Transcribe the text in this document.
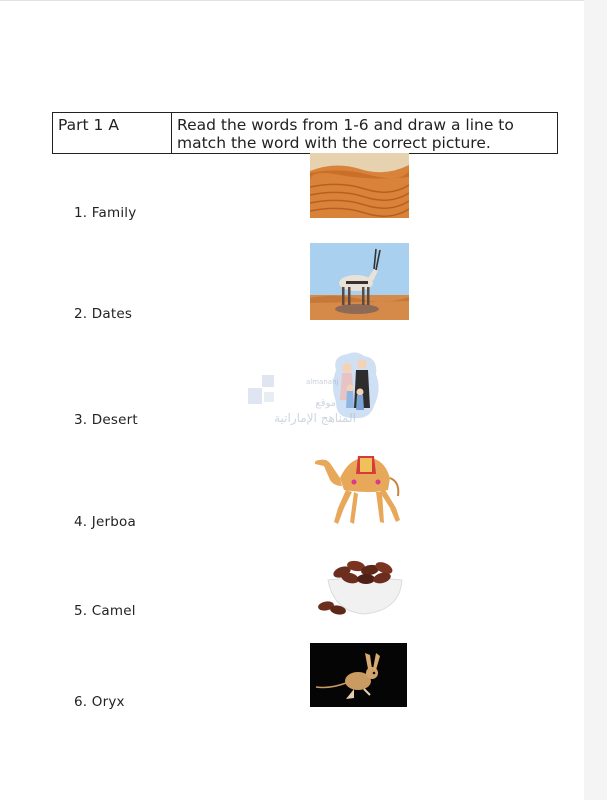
Part 1 A	Read the words from 1-6 and draw a line to match the word with the correct picture.
1. Family
2. Dates
3. Desert
4. Jerboa
5. Camel
6. Oryx
almanahj
موقع
المناهج الإماراتية
